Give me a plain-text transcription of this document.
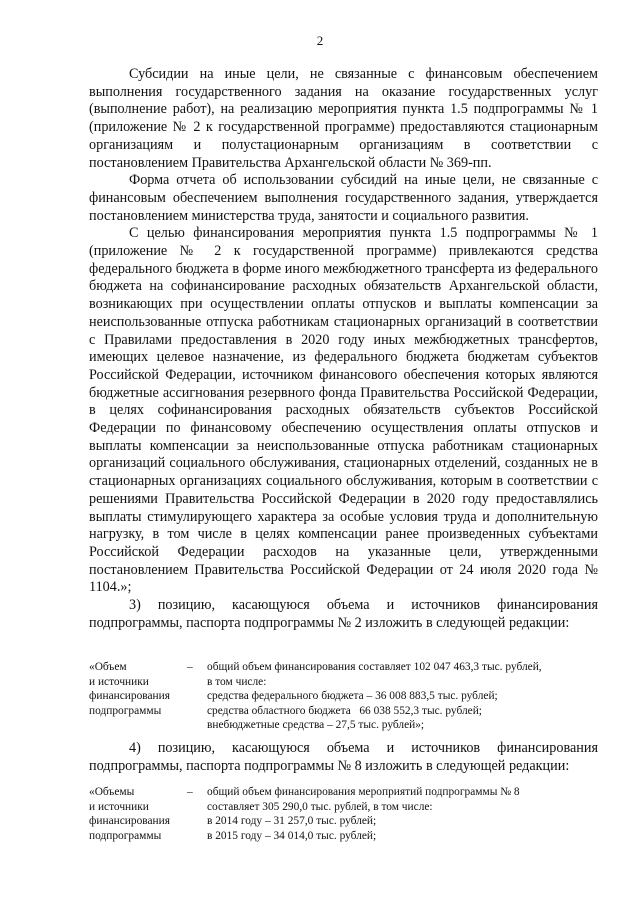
2

Субсидии на иные цели, не связанные с финансовым обеспечением выполнения государственного задания на оказание государственных услуг (выполнение работ), на реализацию мероприятия пункта 1.5 подпрограммы № 1 (приложение № 2 к государственной программе) предоставляются стационарным организациям и полустационарным организациям в соответствии с постановлением Правительства Архангельской области № 369-пп.

Форма отчета об использовании субсидий на иные цели, не связанные с финансовым обеспечением выполнения государственного задания, утверждается постановлением министерства труда, занятости и социального развития.

С целью финансирования мероприятия пункта 1.5 подпрограммы № 1 (приложение № 2 к государственной программе) привлекаются средства федерального бюджета в форме иного межбюджетного трансферта из федерального бюджета на софинансирование расходных обязательств Архангельской области, возникающих при осуществлении оплаты отпусков и выплаты компенсации за неиспользованные отпуска работникам стационарных организаций в соответствии с Правилами предоставления в 2020 году иных межбюджетных трансфертов, имеющих целевое назначение, из федерального бюджета бюджетам субъектов Российской Федерации, источником финансового обеспечения которых являются бюджетные ассигнования резервного фонда Правительства Российской Федерации, в целях софинансирования расходных обязательств субъектов Российской Федерации по финансовому обеспечению осуществления оплаты отпусков и выплаты компенсации за неиспользованные отпуска работникам стационарных организаций социального обслуживания, стационарных отделений, созданных не в стационарных организациях социального обслуживания, которым в соответствии с решениями Правительства Российской Федерации в 2020 году предоставлялись выплаты стимулирующего характера за особые условия труда и дополнительную нагрузку, в том числе в целях компенсации ранее произведенных субъектами Российской Федерации расходов на указанные цели, утвержденными постановлением Правительства Российской Федерации от 24 июля 2020 года № 1104.»;

3) позицию, касающуюся объема и источников финансирования подпрограммы, паспорта подпрограммы № 2 изложить в следующей редакции:

«Объем
и источники
финансирования
подпрограммы
–	общий объем финансирования составляет 102 047 463,3 тыс. рублей,
в том числе:
средства федерального бюджета – 36 008 883,5 тыс. рублей;
средства областного бюджета   66 038 552,3 тыс. рублей;
внебюджетные средства – 27,5 тыс. рублей»;

4) позицию, касающуюся объема и источников финансирования подпрограммы, паспорта подпрограммы № 8 изложить в следующей редакции:

«Объемы
и источники
финансирования
подпрограммы
–	общий объем финансирования мероприятий подпрограммы № 8
составляет 305 290,0 тыс. рублей, в том числе:
в 2014 году – 31 257,0 тыс. рублей;
в 2015 году – 34 014,0 тыс. рублей;
